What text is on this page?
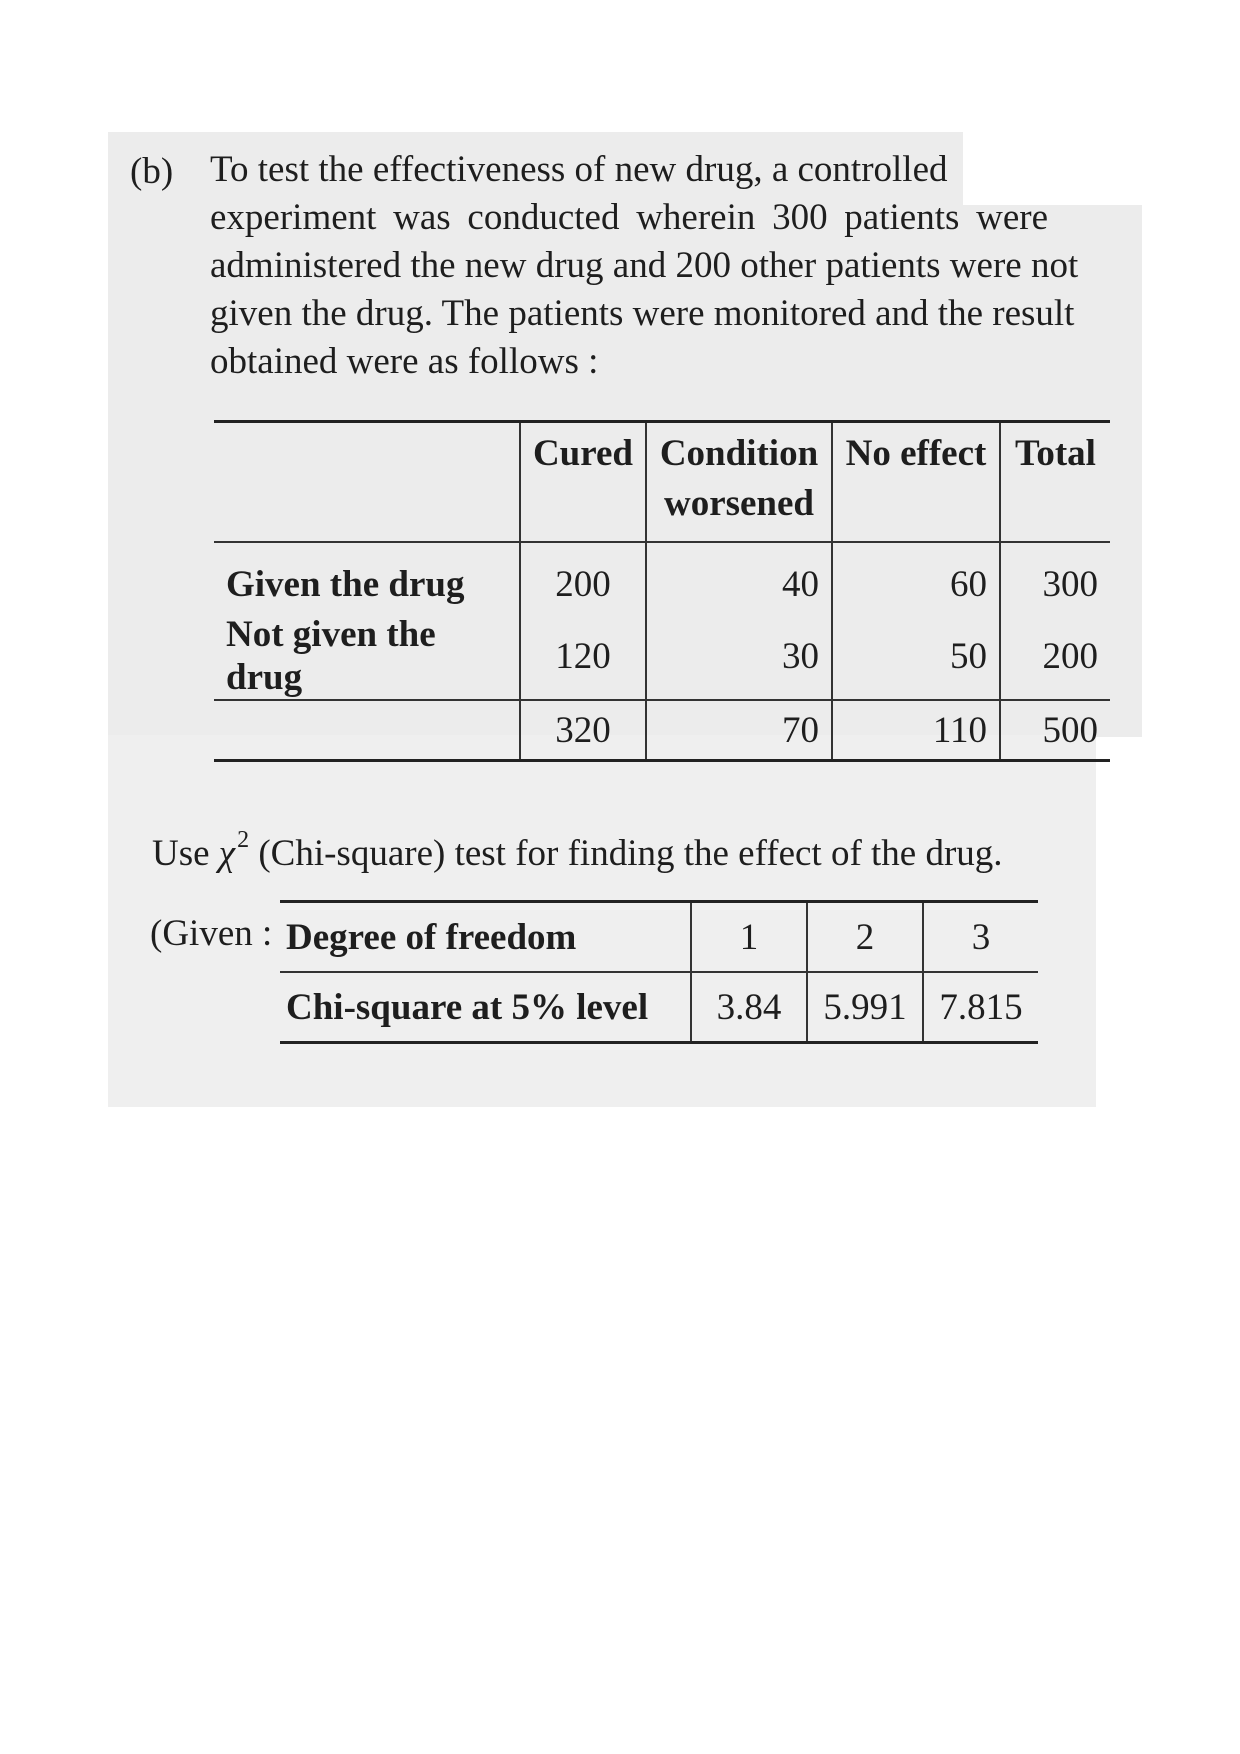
(b) To test the effectiveness of new drug, a controlled
experiment was conducted wherein 300 patients were
administered the new drug and 200 other patients were not
given the drug. The patients were monitored and the result
obtained were as follows :
	Cured	Condition
worsened	No effect	Total
Given the drug	200	40	60	300
Not given the drug	120	30	50	200
	320	70	110	500
Use $\chi^2$ (Chi-square) test for finding the effect of the drug.
(Given : Degree of freedom	1	2	3
Chi-square at 5% level	3.84	5.991	7.815
